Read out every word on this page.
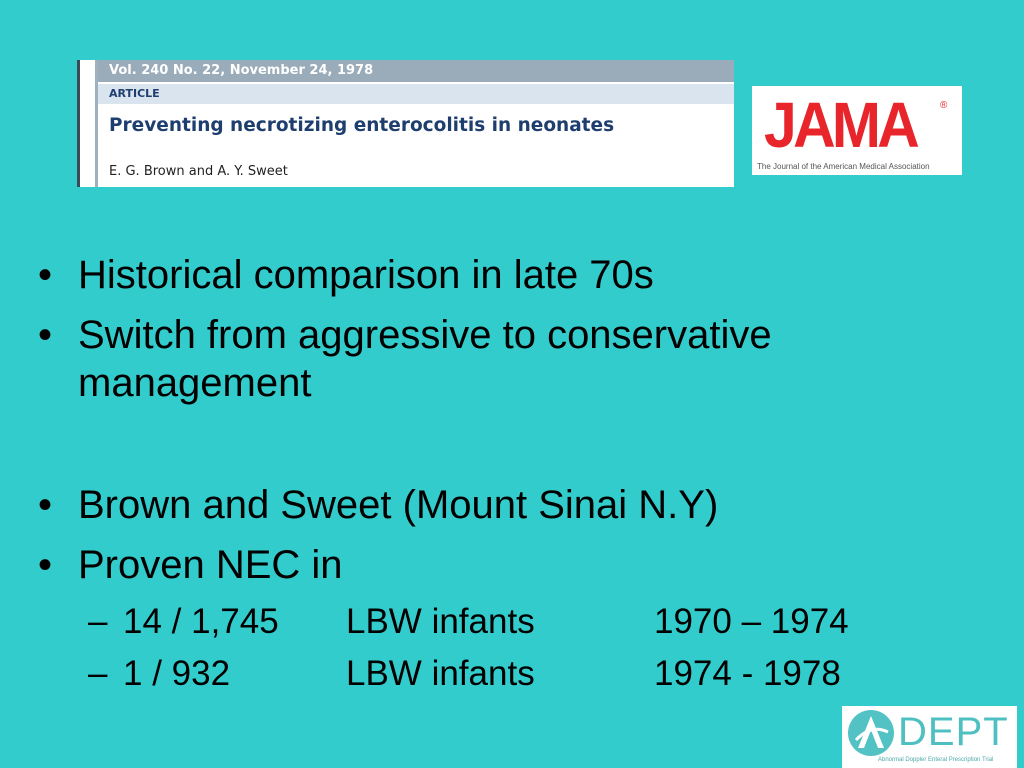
Vol. 240 No. 22, November 24, 1978
ARTICLE
Preventing necrotizing enterocolitis in neonates
E. G. Brown and A. Y. Sweet
JAMA ®
The Journal of the American Medical Association
• Historical comparison in late 70s
• Switch from aggressive to conservative
management
• Brown and Sweet (Mount Sinai N.Y)
• Proven NEC in
– 14 / 1,745 LBW infants	1970 – 1974
– 1 / 932	LBW infants	1974 - 1978
DEPT
Abnormal Doppler Enteral Prescription Trial
